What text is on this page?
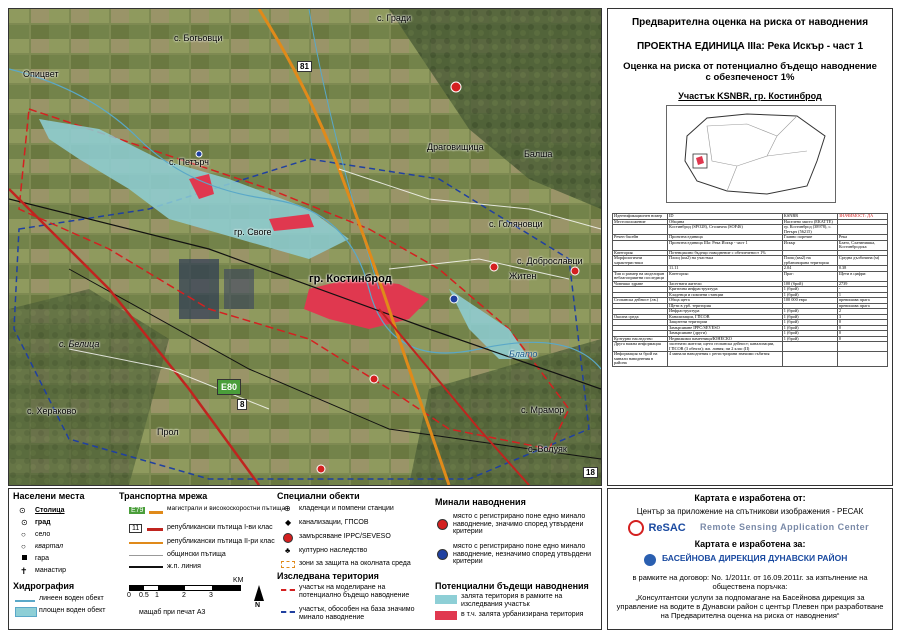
с. Гради
с. Богьовци
Опицвет
с. Петърч
гр. Своге
гр. Костинброд
с. Голяновци
с. Доброславци
Житен
Балша
Драговищица
с. Белица
с. Хераково
Прол
с. Мрамор
с. Волуяк
Блато
81
E80
8
18
Предварителна оценка на риска от наводнения
ПРОЕКТНА ЕДИНИЦА IIIa: Река Искър - част 1
Оценка на риска от потенциално бъдещо наводнение с обезпеченост 1%
Участък KSNBR, гр. Костинброд
Идентификационен номер	ID	KSNBR	ЗНАЧИМОСТ: ДА
Местоположение	Община	Населено място (ЕКАТТЕ)	
	Костинброд (SFO28), Столична (SOF46)	гр. Костинброд (38978), с. Петърч (56215)	
Речен басейн	Проектна единица	Главно поречие	Река
	Проектна единица IIIa: Река Искър - част 1	Искър	Блато, Слатинишка, Костинбродска
Категория	Потенциално бъдещо наводнение с обезпеченост 1%		
Морфологични характеристики	Площ (км2) на участъка	Площ (км2) на урбанизирана територия	Средна дълбочина (м)
	11.11	2.04	0.38
Тип и размер на моделиран неблагоприятни последици	Категория:	Праг:	Щети в цифри:
Човешко здраве	Засегнати жители	100 (брой)	2739
	Критична инфраструктура	1 (брой)	-
	Кладенци и помпени станции	1 (брой)	1
Стопанска дейност (лв.)	Обща щета	100 000 евро	превишава прага
	Щети в урб. територия		превишава прага
	Инфраструктура	1 (брой)	2
Околна среда	Канализации, ГПСОВ	1 (брой)	3
	Защитени територии	1 (брой)	0
	Замърсяване IPPC/SEVESO	1 (брой)	0
	Замърсяване (други)	1 (брой)	0
Културно наследство	Недвижими паметници/ЮНЕСКО	1 (брой)	0
Друга важна информация	засегнати жители; щети стопанска дейност; канализации, ГПСОВ (3 обекта); жп. линия; пи 2 клас (II)		
Информация за брой на минали наводнения в района	4 минали наводнения с регистрирани значими събития		
Населени места
⊙ Столица
⊙ град
○ село
○ квартал
гара
✝ манастир
Хидрография
линеен воден обект
площен воден обект
Транспортна мрежа
E79	магистрали и високоскоростни пътища
11	републикански пътища I-ви клас
републикански пътища II-ри клас
общински пътища
ж.п. линия
0 0.5 1	2	3
KM
мащаб при печат А3
N
Специални обекти
⊕ кладенци и помпени станции
◆ канализации, ГПСОВ
замърсяване IPPC/SEVESO
♣ културно наследство
зони за защита на околната среда
Изследвана територия
участък на моделиране на потенциално бъдещо наводнение
участък, обособен на база значимо минало наводнение
Минали наводнения
място с регистрирано поне едно минало наводнение, значимо според утвърдени критерии
място с регистрирано поне едно минало наводнение, незначимо според утвърдени критерии
Потенциални бъдещи наводнения
залята територия в рамките на изследвания участък
в т.ч. залята урбанизирана територия
Картата е изработена от:
Център за приложение на спътникови изображения - РЕСАК
ReSAC Remote Sensing Application Center
Картата е изработена за:
БАСЕЙНОВА ДИРЕКЦИЯ ДУНАВСКИ РАЙОН
в рамките на договор: No. 1/2011г. от 16.09.2011г. за изпълнение на обществена поръчка:
„Консултантски услуги за подпомагане на Басейнова дирекция за управление на водите в Дунавски район с център Плевен при разработване на Предварителна оценка на риска от наводнения“
